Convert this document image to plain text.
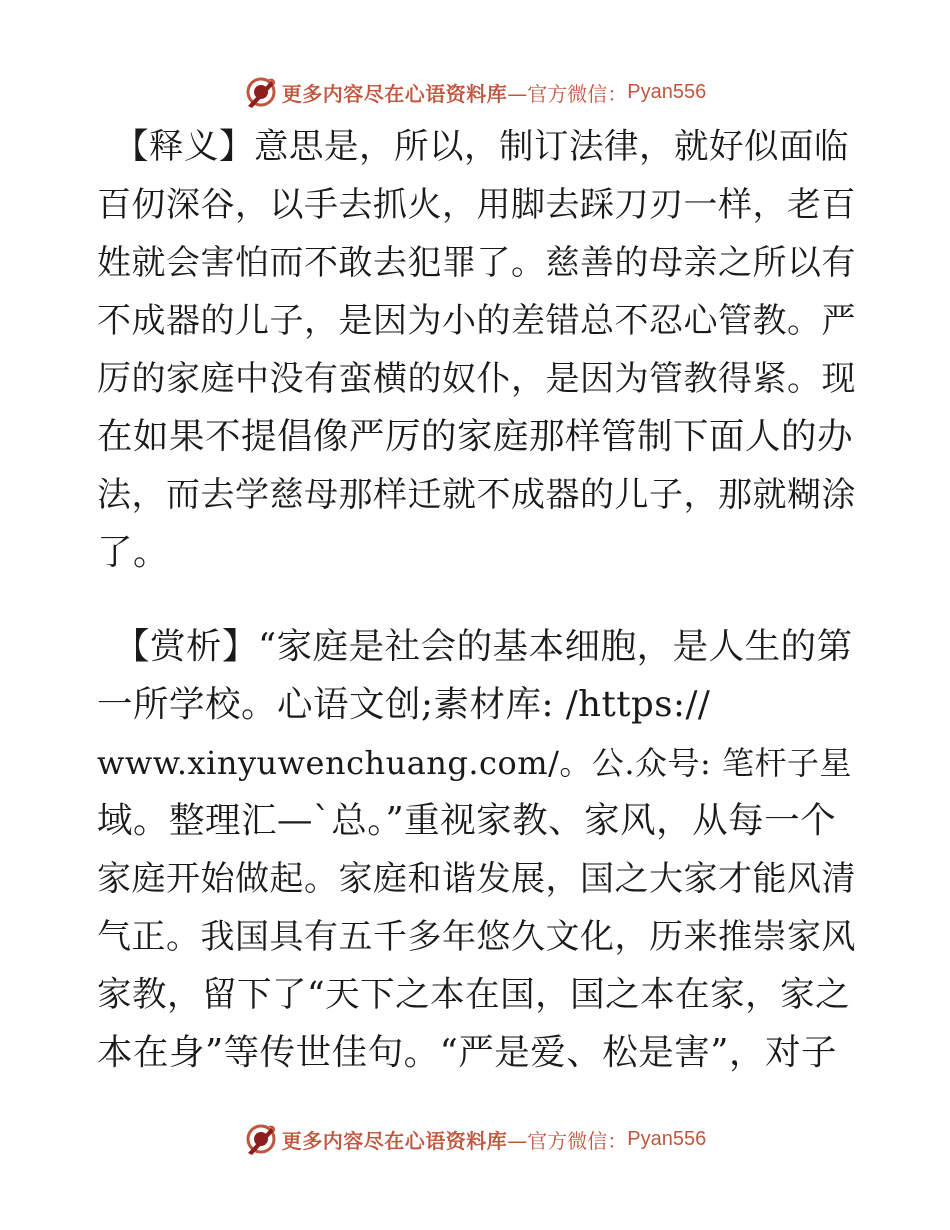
更多内容尽在心语资料库 —官方微信： Pyan556
【释义】意思是，所以，制订法律，就好似面临
百仞深谷，以手去抓火，用脚去踩刀刃一样，老百
姓就会害怕而不敢去犯罪了。慈善的母亲之所以有
不成器的儿子，是因为小的差错总不忍心管教。严
厉的家庭中没有蛮横的奴仆，是因为管教得紧。现
在如果不提倡像严厉的家庭那样管制下面人的办
法，而去学慈母那样迁就不成器的儿子，那就糊涂
了。
【赏析】“家庭是社会的基本细胞，是人生的第
一所学校。心语文创;素材库: /https://
www.xinyuwenchuang.com/。公.众号: 笔杆子星
域。整理汇—`总。”重视家教、家风，从每一个
家庭开始做起。家庭和谐发展，国之大家才能风清
气正。我国具有五千多年悠久文化，历来推崇家风
家教，留下了“天下之本在国，国之本在家，家之
本在身”等传世佳句。“严是爱、松是害”，对子
更多内容尽在心语资料库 —官方微信： Pyan556
